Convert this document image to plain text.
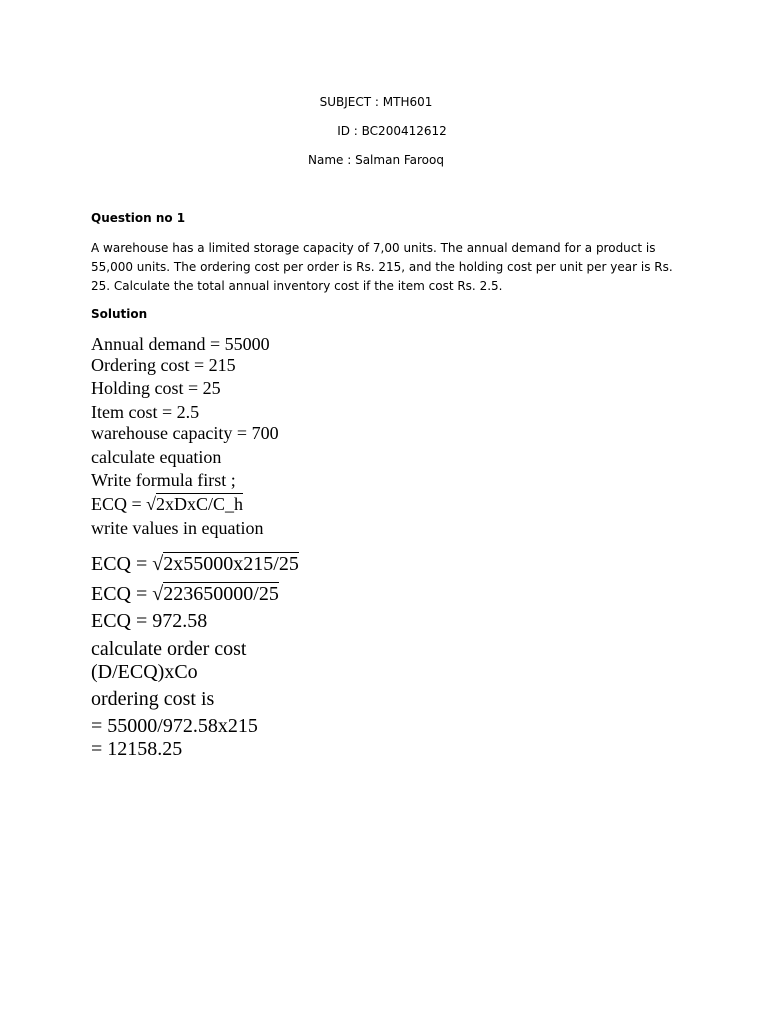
SUBJECT : MTH601
ID : BC200412612
Name : Salman Farooq
Question no 1

A warehouse has a limited storage capacity of 7,00 units. The annual demand for a product is 55,000 units. The ordering cost per order is Rs. 215, and the holding cost per unit per year is Rs. 25. Calculate the total annual inventory cost if the item cost Rs. 2.5.

Solution
Annual demand = 55000
Ordering cost = 215
Holding cost = 25
Item cost = 2.5
warehouse capacity = 700
calculate equation
Write formula first ;
ECQ = √2xDxC/C_h
write values in equation
ECQ = √2x55000x215/25
ECQ = √223650000/25
ECQ = 972.58
calculate order cost
(D/ECQ)xCo
ordering cost is
= 55000/972.58x215
= 12158.25
